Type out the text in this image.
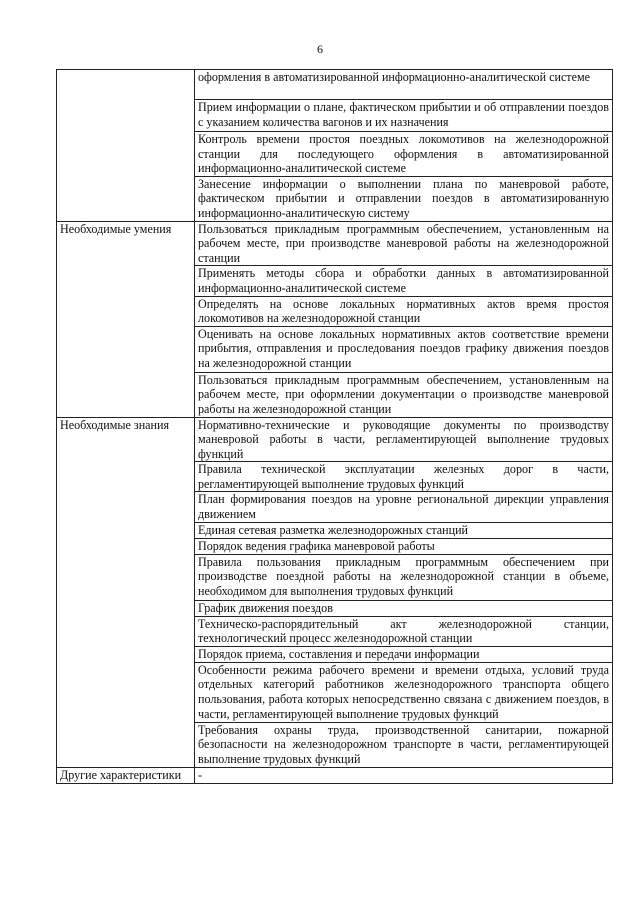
6

	оформления в автоматизированной информационно-аналитической системе

	Прием информации о плане, фактическом прибытии и об отправлении поездов с указанием количества вагонов и их назначения

	Контроль времени простоя поездных локомотивов на железнодорожной станции для последующего оформления в автоматизированной информационно-аналитической системе

	Занесение информации о выполнении плана по маневровой работе, фактическом прибытии и отправлении поездов в автоматизированную информационно-аналитическую систему

Необходимые умения	Пользоваться прикладным программным обеспечением, установленным на рабочем месте, при производстве маневровой работы на железнодорожной станции

	Применять методы сбора и обработки данных в автоматизированной информационно-аналитической системе

	Определять на основе локальных нормативных актов время простоя локомотивов на железнодорожной станции

	Оценивать на основе локальных нормативных актов соответствие времени прибытия, отправления и проследования поездов графику движения поездов на железнодорожной станции

	Пользоваться прикладным программным обеспечением, установленным на рабочем месте, при оформлении документации о производстве маневровой работы на железнодорожной станции

Необходимые знания	Нормативно-технические и руководящие документы по производству маневровой работы в части, регламентирующей выполнение трудовых функций

	Правила технической эксплуатации железных дорог в части, регламентирующей выполнение трудовых функций

	План формирования поездов на уровне региональной дирекции управления движением

	Единая сетевая разметка железнодорожных станций

	Порядок ведения графика маневровой работы

	Правила пользования прикладным программным обеспечением при производстве поездной работы на железнодорожной станции в объеме, необходимом для выполнения трудовых функций

	График движения поездов

	Техническо-распорядительный акт железнодорожной станции, технологический процесс железнодорожной станции

	Порядок приема, составления и передачи информации

	Особенности режима рабочего времени и времени отдыха, условий труда отдельных категорий работников железнодорожного транспорта общего пользования, работа которых непосредственно связана с движением поездов, в части, регламентирующей выполнение трудовых функций

	Требования охраны труда, производственной санитарии, пожарной безопасности на железнодорожном транспорте в части, регламентирующей выполнение трудовых функций

Другие характеристики	-
